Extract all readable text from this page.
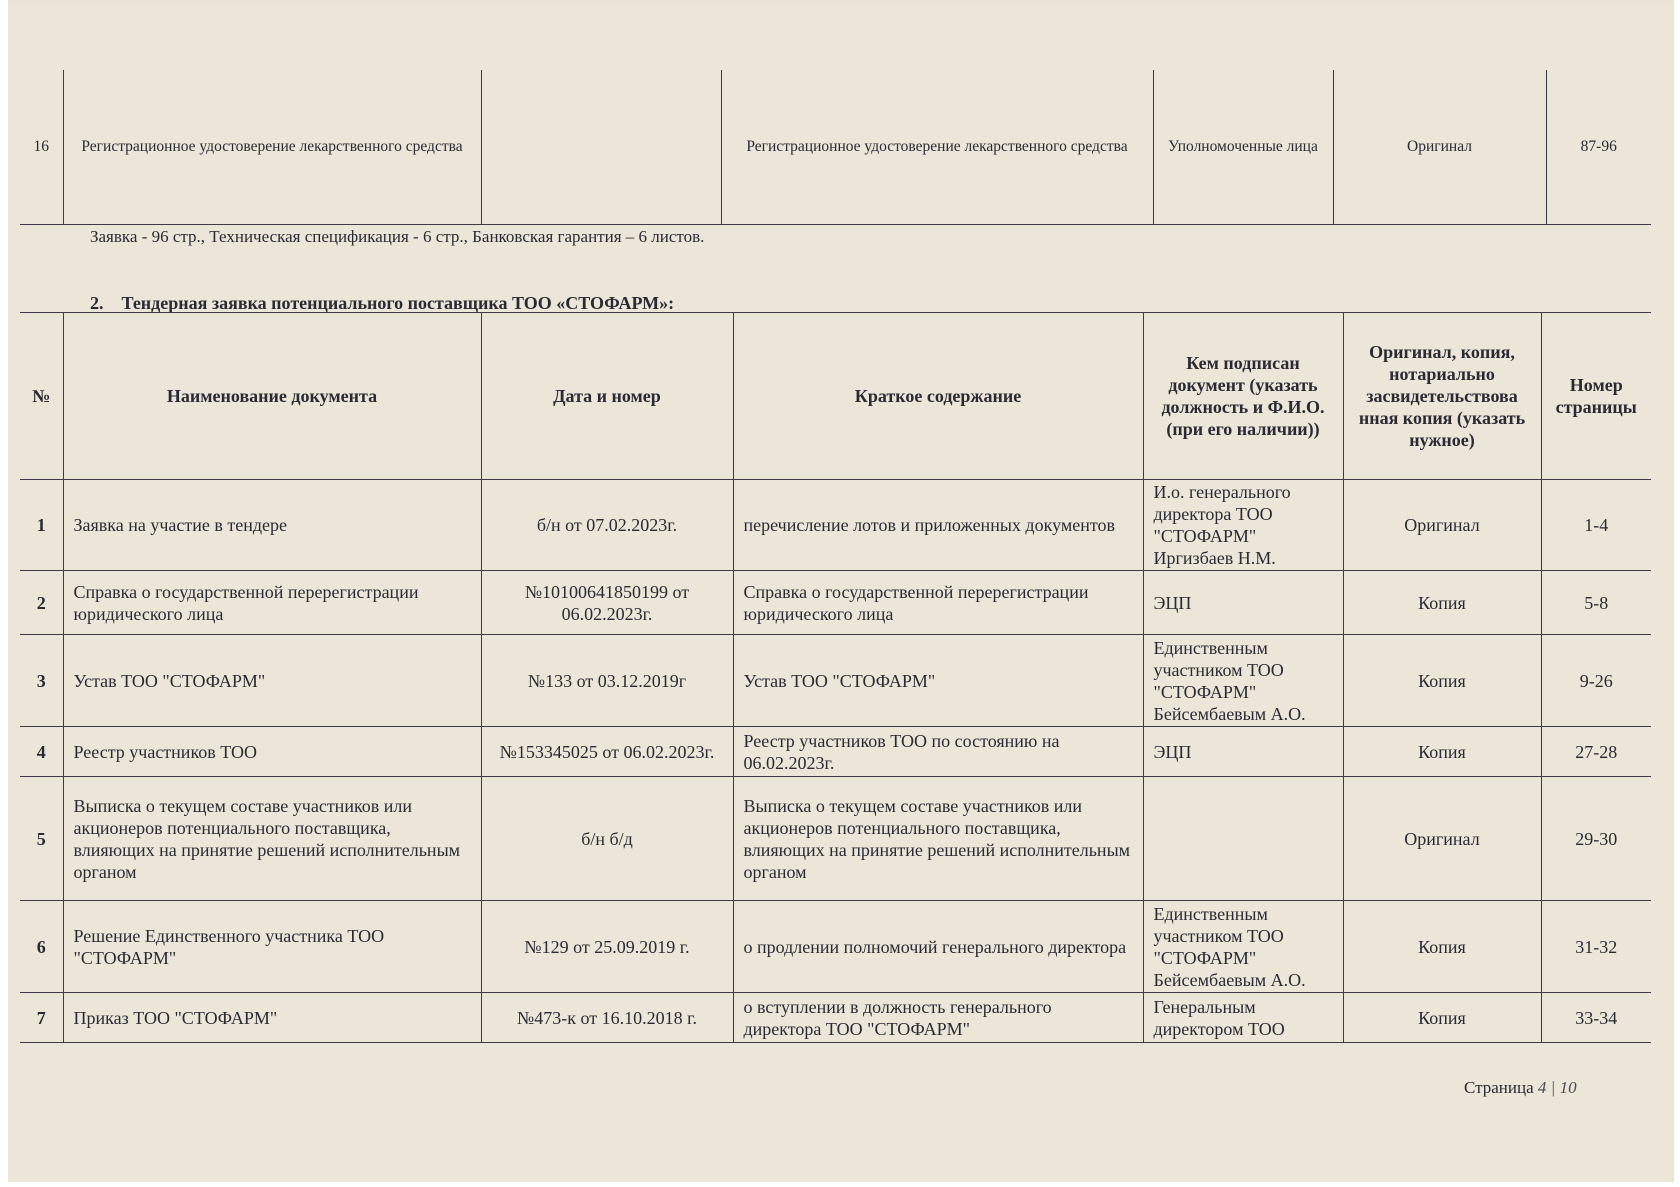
16	Регистрационное удостоверение лекарственного средства		Регистрационное удостоверение лекарственного средства	Уполномоченные лица	Оригинал	87-96
Заявка - 96 стр., Техническая спецификация - 6 стр., Банковская гарантия – 6 листов.
2. Тендерная заявка потенциального поставщика ТОО «СТОФАРМ»:
№	Наименование документа	Дата и номер	Краткое содержание	Кем подписан документ (указать должность и Ф.И.О. (при его наличии))	Оригинал, копия, нотариально засвидетельствова нная копия (указать нужное)	Номер страницы
1	Заявка на участие в тендере	б/н от 07.02.2023г.	перечисление лотов и приложенных документов	И.о. генерального директора ТОО "СТОФАРМ" Иргизбаев Н.М.	Оригинал	1-4
2	Справка о государственной перерегистрации юридического лица	№10100641850199 от 06.02.2023г.	Справка о государственной перерегистрации юридического лица	ЭЦП	Копия	5-8
3	Устав ТОО "СТОФАРМ"	№133 от 03.12.2019г	Устав ТОО "СТОФАРМ"	Единственным участником ТОО "СТОФАРМ" Бейсембаевым А.О.	Копия	9-26
4	Реестр участников ТОО	№153345025 от 06.02.2023г.	Реестр участников ТОО по состоянию на 06.02.2023г.	ЭЦП	Копия	27-28
5	Выписка о текущем составе участников или акционеров потенциального поставщика, влияющих на принятие решений исполнительным органом	б/н б/д	Выписка о текущем составе участников или акционеров потенциального поставщика, влияющих на принятие решений исполнительным органом		Оригинал	29-30
6	Решение Единственного участника ТОО "СТОФАРМ"	№129 от 25.09.2019 г.	о продлении полномочий генерального директора	Единственным участником ТОО "СТОФАРМ" Бейсембаевым А.О.	Копия	31-32
7	Приказ ТОО "СТОФАРМ"	№473-к от 16.10.2018 г.	о вступлении в должность генерального директора ТОО "СТОФАРМ"	Генеральным директором ТОО	Копия	33-34
Страница 4 | 10
